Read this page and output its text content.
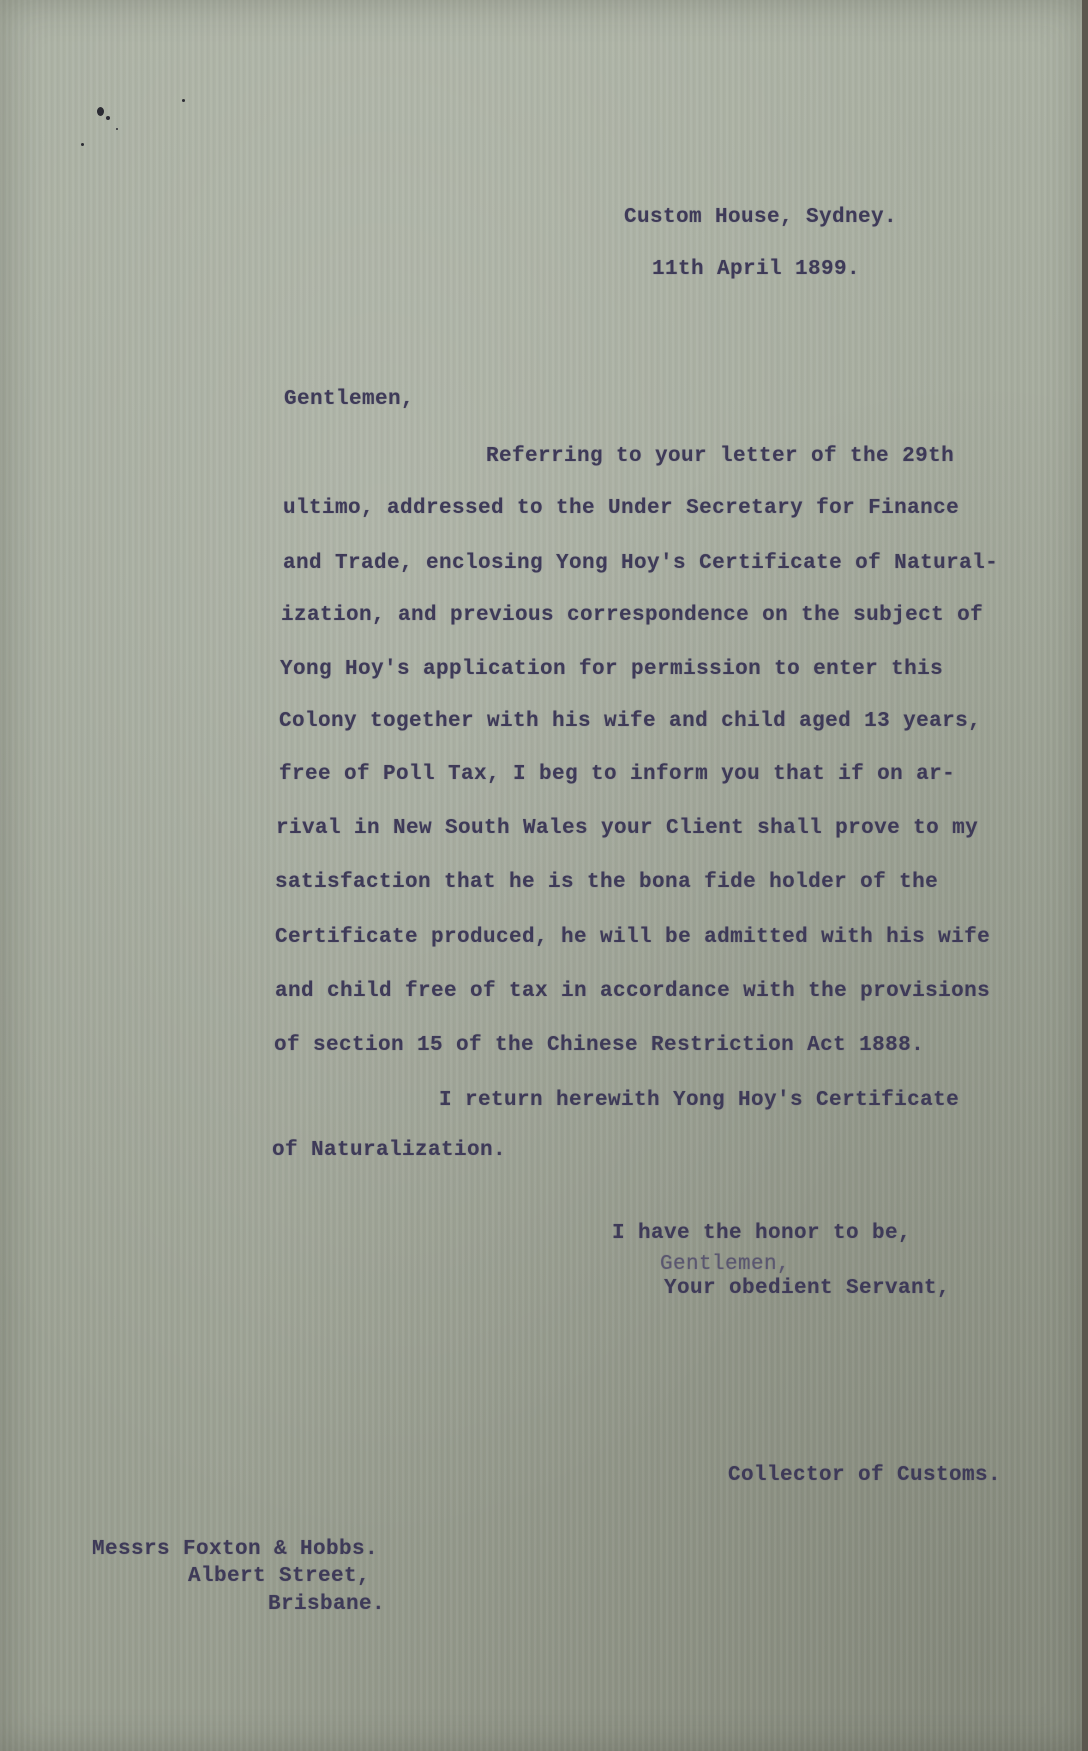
Custom House, Sydney.
11th April 1899.
Gentlemen,
Referring to your letter of the 29th
ultimo, addressed to the Under Secretary for Finance
and Trade, enclosing Yong Hoy's Certificate of Natural-
ization, and previous correspondence on the subject of
Yong Hoy's application for permission to enter this
Colony together with his wife and child aged 13 years,
free of Poll Tax, I beg to inform you that if on ar-
rival in New South Wales your Client shall prove to my
satisfaction that he is the bona fide holder of the
Certificate produced, he will be admitted with his wife
and child free of tax in accordance with the provisions
of section 15 of the Chinese Restriction Act 1888.
I return herewith Yong Hoy's Certificate
of Naturalization.
I have the honor to be,
Gentlemen,
Your obedient Servant,
Collector of Customs.
Messrs Foxton & Hobbs.
Albert Street,
Brisbane.
